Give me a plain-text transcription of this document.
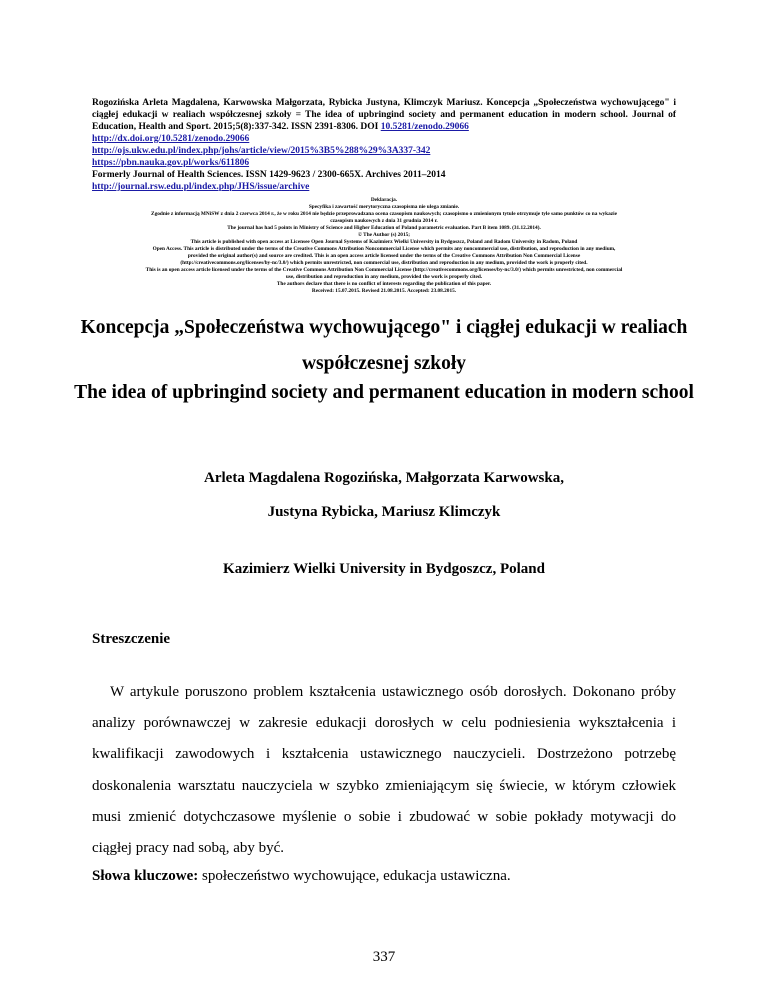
Rogozińska Arleta Magdalena, Karwowska Małgorzata, Rybicka Justyna, Klimczyk Mariusz. Koncepcja „Społeczeństwa wychowującego" i ciągłej edukacji w realiach współczesnej szkoły = The idea of upbringind society and permanent education in modern school. Journal of Education, Health and Sport. 2015;5(8):337-342. ISSN 2391-8306. DOI 10.5281/zenodo.29066
http://dx.doi.org/10.5281/zenodo.29066
http://ojs.ukw.edu.pl/index.php/johs/article/view/2015%3B5%288%29%3A337-342
https://pbn.nauka.gov.pl/works/611806
Formerly Journal of Health Sciences. ISSN 1429-9623 / 2300-665X. Archives 2011–2014
http://journal.rsw.edu.pl/index.php/JHS/issue/archive
Deklaracja.
Specyfika i zawartość merytoryczna czasopisma nie ulega zmianie.
Zgodnie z informacją MNiSW z dnia 2 czerwca 2014 r., że w roku 2014 nie będzie przeprowadzana ocena czasopism naukowych; czasopismo o zmienionym tytule otrzymuje tyle samo punktów co na wykazie
czasopism naukowych z dnia 31 grudnia 2014 r.
The journal has had 5 points in Ministry of Science and Higher Education of Poland parametric evaluation. Part B item 1089. (31.12.2014).
© The Author (s) 2015;
This article is published with open access at Licensee Open Journal Systems of Kazimierz Wielki University in Bydgoszcz, Poland and Radom University in Radom, Poland
Open Access. This article is distributed under the terms of the Creative Commons Attribution Noncommercial License which permits any noncommercial use, distribution, and reproduction in any medium,
provided the original author(s) and source are credited. This is an open access article licensed under the terms of the Creative Commons Attribution Non Commercial License
(http://creativecommons.org/licenses/by-nc/3.0/) which permits unrestricted, non commercial use, distribution and reproduction in any medium, provided the work is properly cited.
This is an open access article licensed under the terms of the Creative Commons Attribution Non Commercial License (http://creativecommons.org/licenses/by-nc/3.0/) which permits unrestricted, non commercial
use, distribution and reproduction in any medium, provided the work is properly cited.
The authors declare that there is no conflict of interests regarding the publication of this paper.
Received: 15.07.2015. Revised 21.08.2015. Accepted: 23.08.2015.
Koncepcja „Społeczeństwa wychowującego" i ciągłej edukacji w realiach współczesnej szkoły
The idea of upbringind society and permanent education in modern school
Arleta Magdalena Rogozińska, Małgorzata Karwowska,
Justyna Rybicka, Mariusz Klimczyk
Kazimierz Wielki University in Bydgoszcz, Poland
Streszczenie
W artykule poruszono problem kształcenia ustawicznego osób dorosłych. Dokonano próby analizy porównawczej w zakresie edukacji dorosłych w celu podniesienia wykształcenia i kwalifikacji zawodowych i kształcenia ustawicznego nauczycieli. Dostrzeżono potrzebę doskonalenia warsztatu nauczyciela w szybko zmieniającym się świecie, w którym człowiek musi zmienić dotychczasowe myślenie o sobie i zbudować w sobie pokłady motywacji do ciągłej pracy nad sobą, aby być.
Słowa kluczowe: społeczeństwo wychowujące, edukacja ustawiczna.
337
